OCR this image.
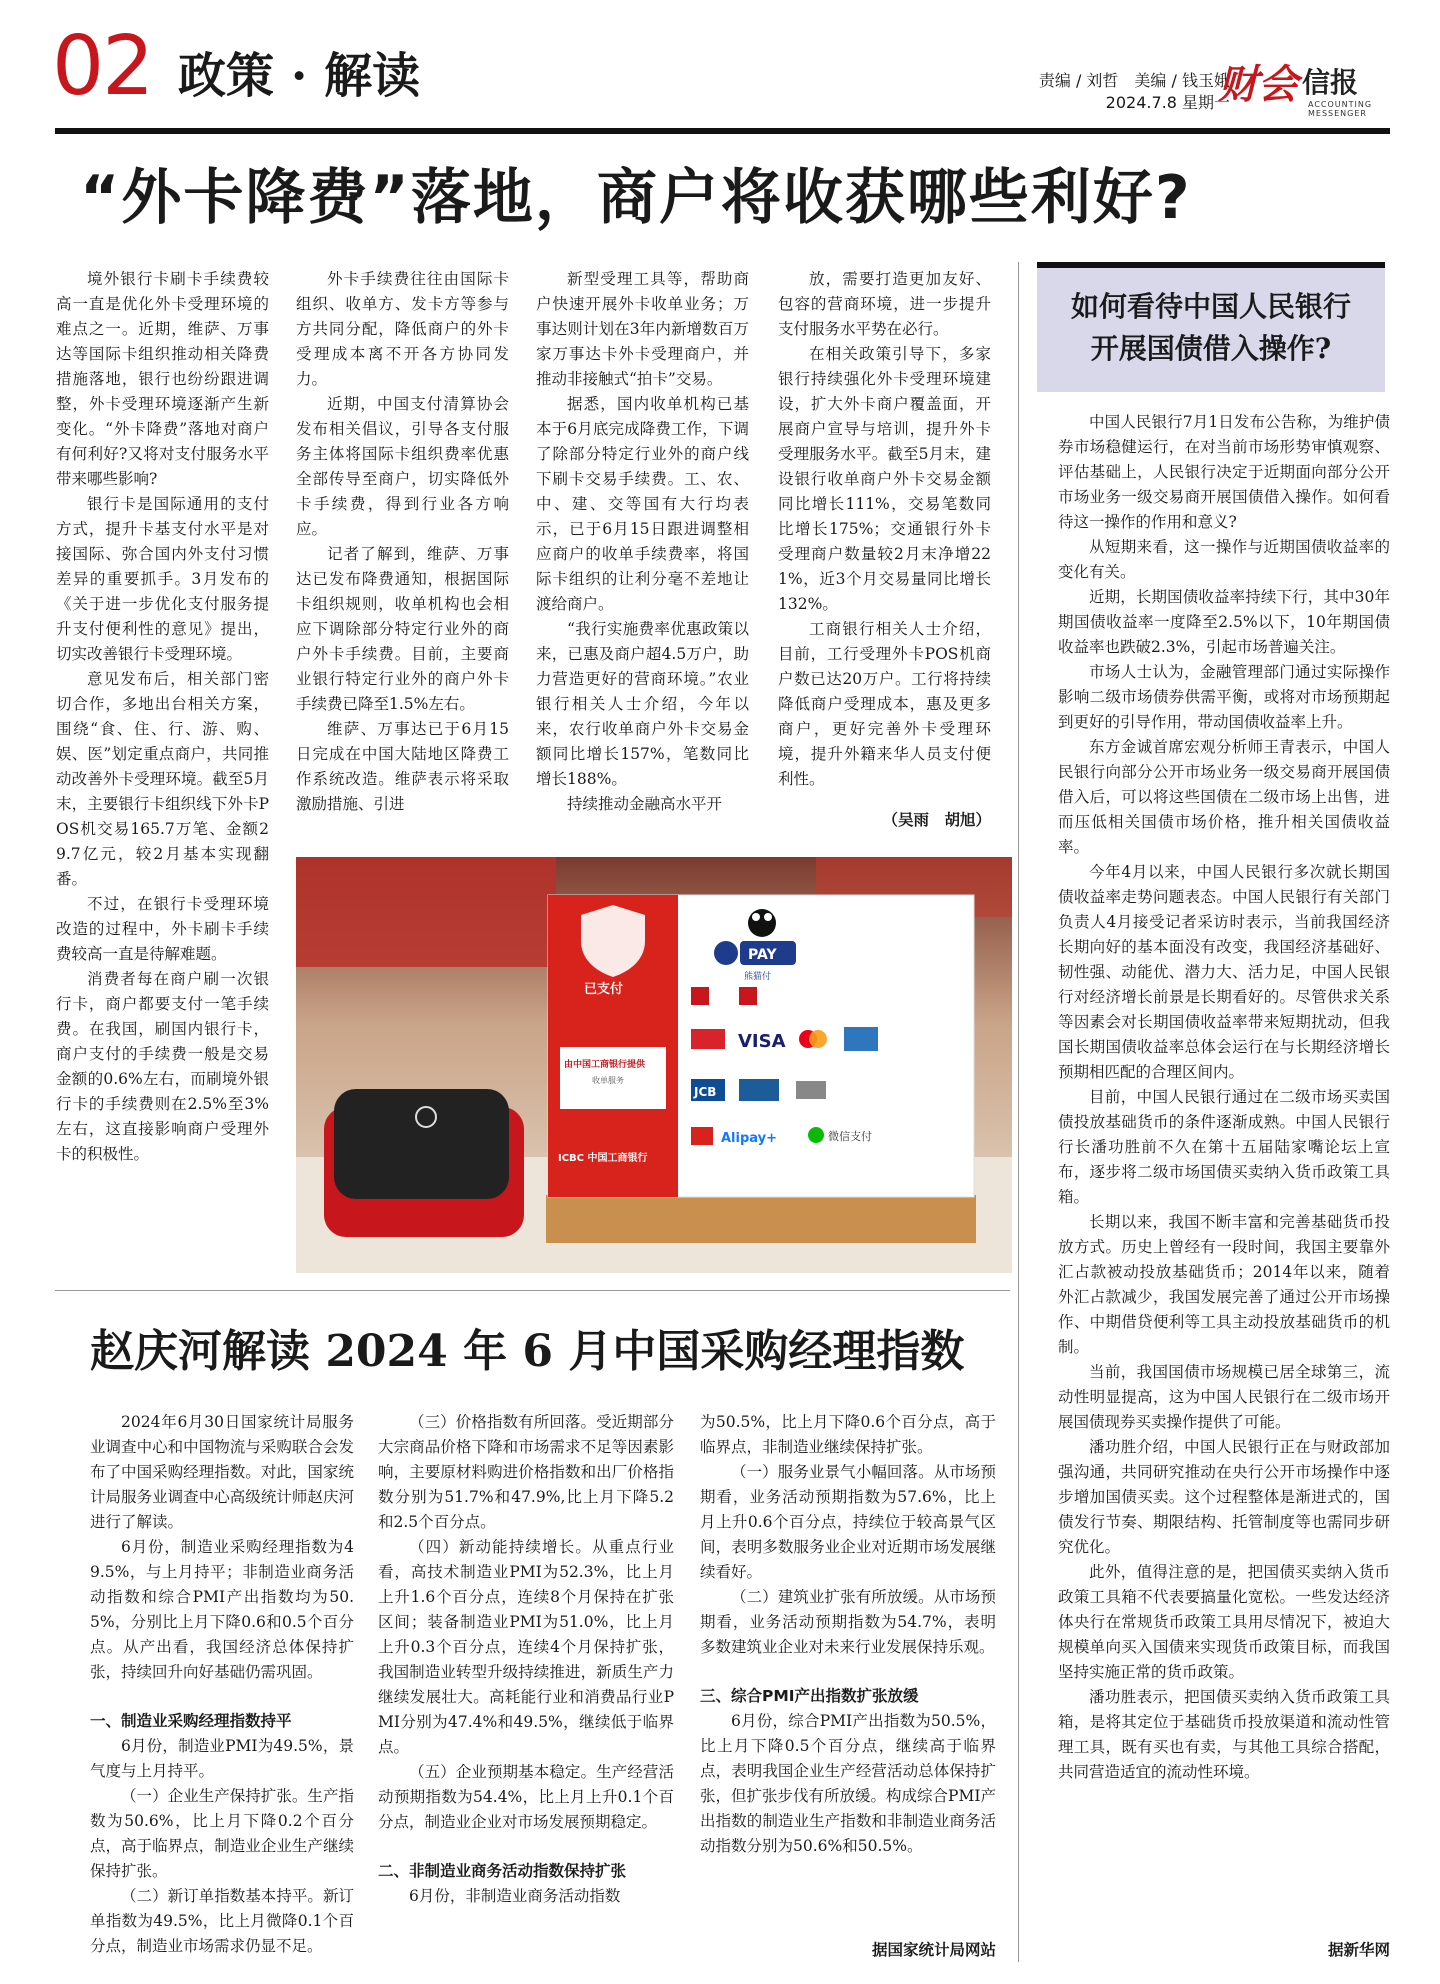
02 政策 · 解读	责编 / 刘哲　美编 / 钱玉娥
2024.7.8 星期一
财会 信报
ACCOUNTING MESSENGER
“外卡降费”落地，商户将收获哪些利好?

境外银行卡刷卡手续费较高一直是优化外卡受理环境的难点之一。近期，维萨、万事达等国际卡组织推动相关降费措施落地，银行也纷纷跟进调整，外卡受理环境逐渐产生新变化。“外卡降费”落地对商户有何利好?又将对支付服务水平带来哪些影响?

银行卡是国际通用的支付方式，提升卡基支付水平是对接国际、弥合国内外支付习惯差异的重要抓手。3月发布的《关于进一步优化支付服务提升支付便利性的意见》提出，切实改善银行卡受理环境。

意见发布后，相关部门密切合作，多地出台相关方案，围绕“食、住、行、游、购、娱、医”划定重点商户，共同推动改善外卡受理环境。截至5月末，主要银行卡组织线下外卡POS机交易165.7万笔、金额29.7亿元，较2月基本实现翻番。

不过，在银行卡受理环境改造的过程中，外卡刷卡手续费较高一直是待解难题。

消费者每在商户刷一次银行卡，商户都要支付一笔手续费。在我国，刷国内银行卡，商户支付的手续费一般是交易金额的0.6%左右，而刷境外银行卡的手续费则在2.5%至3%左右，这直接影响商户受理外卡的积极性。

外卡手续费往往由国际卡组织、收单方、发卡方等参与方共同分配，降低商户的外卡受理成本离不开各方协同发力。

近期，中国支付清算协会发布相关倡议，引导各支付服务主体将国际卡组织费率优惠全部传导至商户，切实降低外卡手续费，得到行业各方响应。

记者了解到，维萨、万事达已发布降费通知，根据国际卡组织规则，收单机构也会相应下调除部分特定行业外的商户外卡手续费。目前，主要商业银行特定行业外的商户外卡手续费已降至1.5%左右。

维萨、万事达已于6月15日完成在中国大陆地区降费工作系统改造。维萨表示将采取激励措施、引进

新型受理工具等，帮助商户快速开展外卡收单业务；万事达则计划在3年内新增数百万家万事达卡外卡受理商户，并推动非接触式“拍卡”交易。

据悉，国内收单机构已基本于6月底完成降费工作，下调了除部分特定行业外的商户线下刷卡交易手续费。工、农、中、建、交等国有大行均表示，已于6月15日跟进调整相应商户的收单手续费率，将国际卡组织的让利分毫不差地让渡给商户。

“我行实施费率优惠政策以来，已惠及商户超4.5万户，助力营造更好的营商环境。”农业银行相关人士介绍，今年以来，农行收单商户外卡交易金额同比增长157%，笔数同比增长188%。

持续推动金融高水平开

放，需要打造更加友好、包容的营商环境，进一步提升支付服务水平势在必行。

在相关政策引导下，多家银行持续强化外卡受理环境建设，扩大外卡商户覆盖面，开展商户宣导与培训，提升外卡受理服务水平。截至5月末，建设银行收单商户外卡交易金额同比增长111%，交易笔数同比增长175%；交通银行外卡受理商户数量较2月末净增221%，近3个月交易量同比增长132%。

工商银行相关人士介绍，目前，工行受理外卡POS机商户数已达20万户。工行将持续降低商户受理成本，惠及更多商户，更好完善外卡受理环境，提升外籍来华人员支付便利性。

（吴雨　胡旭）

已支付
PAY
熊猫付
由中国工商银行提供
收单服务
VISA
JCB
Alipay+	微信支付
ICBC 中国工商银行
如何看待中国人民银行
开展国债借入操作?

中国人民银行7月1日发布公告称，为维护债券市场稳健运行，在对当前市场形势审慎观察、评估基础上，人民银行决定于近期面向部分公开市场业务一级交易商开展国债借入操作。如何看待这一操作的作用和意义?

从短期来看，这一操作与近期国债收益率的变化有关。

近期，长期国债收益率持续下行，其中30年期国债收益率一度降至2.5%以下，10年期国债收益率也跌破2.3%，引起市场普遍关注。

市场人士认为，金融管理部门通过实际操作影响二级市场债券供需平衡，或将对市场预期起到更好的引导作用，带动国债收益率上升。

东方金诚首席宏观分析师王青表示，中国人民银行向部分公开市场业务一级交易商开展国债借入后，可以将这些国债在二级市场上出售，进而压低相关国债市场价格，推升相关国债收益率。

今年4月以来，中国人民银行多次就长期国债收益率走势问题表态。中国人民银行有关部门负责人4月接受记者采访时表示，当前我国经济长期向好的基本面没有改变，我国经济基础好、韧性强、动能优、潜力大、活力足，中国人民银行对经济增长前景是长期看好的。尽管供求关系等因素会对长期国债收益率带来短期扰动，但我国长期国债收益率总体会运行在与长期经济增长预期相匹配的合理区间内。

目前，中国人民银行通过在二级市场买卖国债投放基础货币的条件逐渐成熟。中国人民银行行长潘功胜前不久在第十五届陆家嘴论坛上宣布，逐步将二级市场国债买卖纳入货币政策工具箱。

长期以来，我国不断丰富和完善基础货币投放方式。历史上曾经有一段时间，我国主要靠外汇占款被动投放基础货币；2014年以来，随着外汇占款减少，我国发展完善了通过公开市场操作、中期借贷便利等工具主动投放基础货币的机制。

当前，我国国债市场规模已居全球第三，流动性明显提高，这为中国人民银行在二级市场开展国债现券买卖操作提供了可能。

潘功胜介绍，中国人民银行正在与财政部加强沟通，共同研究推动在央行公开市场操作中逐步增加国债买卖。这个过程整体是渐进式的，国债发行节奏、期限结构、托管制度等也需同步研究优化。

此外，值得注意的是，把国债买卖纳入货币政策工具箱不代表要搞量化宽松。一些发达经济体央行在常规货币政策工具用尽情况下，被迫大规模单向买入国债来实现货币政策目标，而我国坚持实施正常的货币政策。

潘功胜表示，把国债买卖纳入货币政策工具箱，是将其定位于基础货币投放渠道和流动性管理工具，既有买也有卖，与其他工具综合搭配，共同营造适宜的流动性环境。

据新华网

赵庆河解读 2024 年 6 月中国采购经理指数

2024年6月30日国家统计局服务业调查中心和中国物流与采购联合会发布了中国采购经理指数。对此，国家统计局服务业调查中心高级统计师赵庆河进行了解读。

6月份，制造业采购经理指数为49.5%，与上月持平；非制造业商务活动指数和综合PMI产出指数均为50.5%，分别比上月下降0.6和0.5个百分点。从产出看，我国经济总体保持扩张，持续回升向好基础仍需巩固。

一、制造业采购经理指数持平

6月份，制造业PMI为49.5%，景气度与上月持平。

（一）企业生产保持扩张。生产指数为50.6%，比上月下降0.2个百分点，高于临界点，制造业企业生产继续保持扩张。

（二）新订单指数基本持平。新订单指数为49.5%，比上月微降0.1个百分点，制造业市场需求仍显不足。

（三）价格指数有所回落。受近期部分大宗商品价格下降和市场需求不足等因素影响，主要原材料购进价格指数和出厂价格指数分别为51.7%和47.9%,比上月下降5.2和2.5个百分点。

（四）新动能持续增长。从重点行业看，高技术制造业PMI为52.3%，比上月上升1.6个百分点，连续8个月保持在扩张区间；装备制造业PMI为51.0%，比上月上升0.3个百分点，连续4个月保持扩张，我国制造业转型升级持续推进，新质生产力继续发展壮大。高耗能行业和消费品行业PMI分别为47.4%和49.5%，继续低于临界点。

（五）企业预期基本稳定。生产经营活动预期指数为54.4%，比上月上升0.1个百分点，制造业企业对市场发展预期稳定。

二、非制造业商务活动指数保持扩张

6月份，非制造业商务活动指数

为50.5%，比上月下降0.6个百分点，高于临界点，非制造业继续保持扩张。

（一）服务业景气小幅回落。从市场预期看，业务活动预期指数为57.6%，比上月上升0.6个百分点，持续位于较高景气区间，表明多数服务业企业对近期市场发展继续看好。

（二）建筑业扩张有所放缓。从市场预期看，业务活动预期指数为54.7%，表明多数建筑业企业对未来行业发展保持乐观。

三、综合PMI产出指数扩张放缓

6月份，综合PMI产出指数为50.5%，比上月下降0.5个百分点，继续高于临界点，表明我国企业生产经营活动总体保持扩张，但扩张步伐有所放缓。构成综合PMI产出指数的制造业生产指数和非制造业商务活动指数分别为50.6%和50.5%。

据国家统计局网站
